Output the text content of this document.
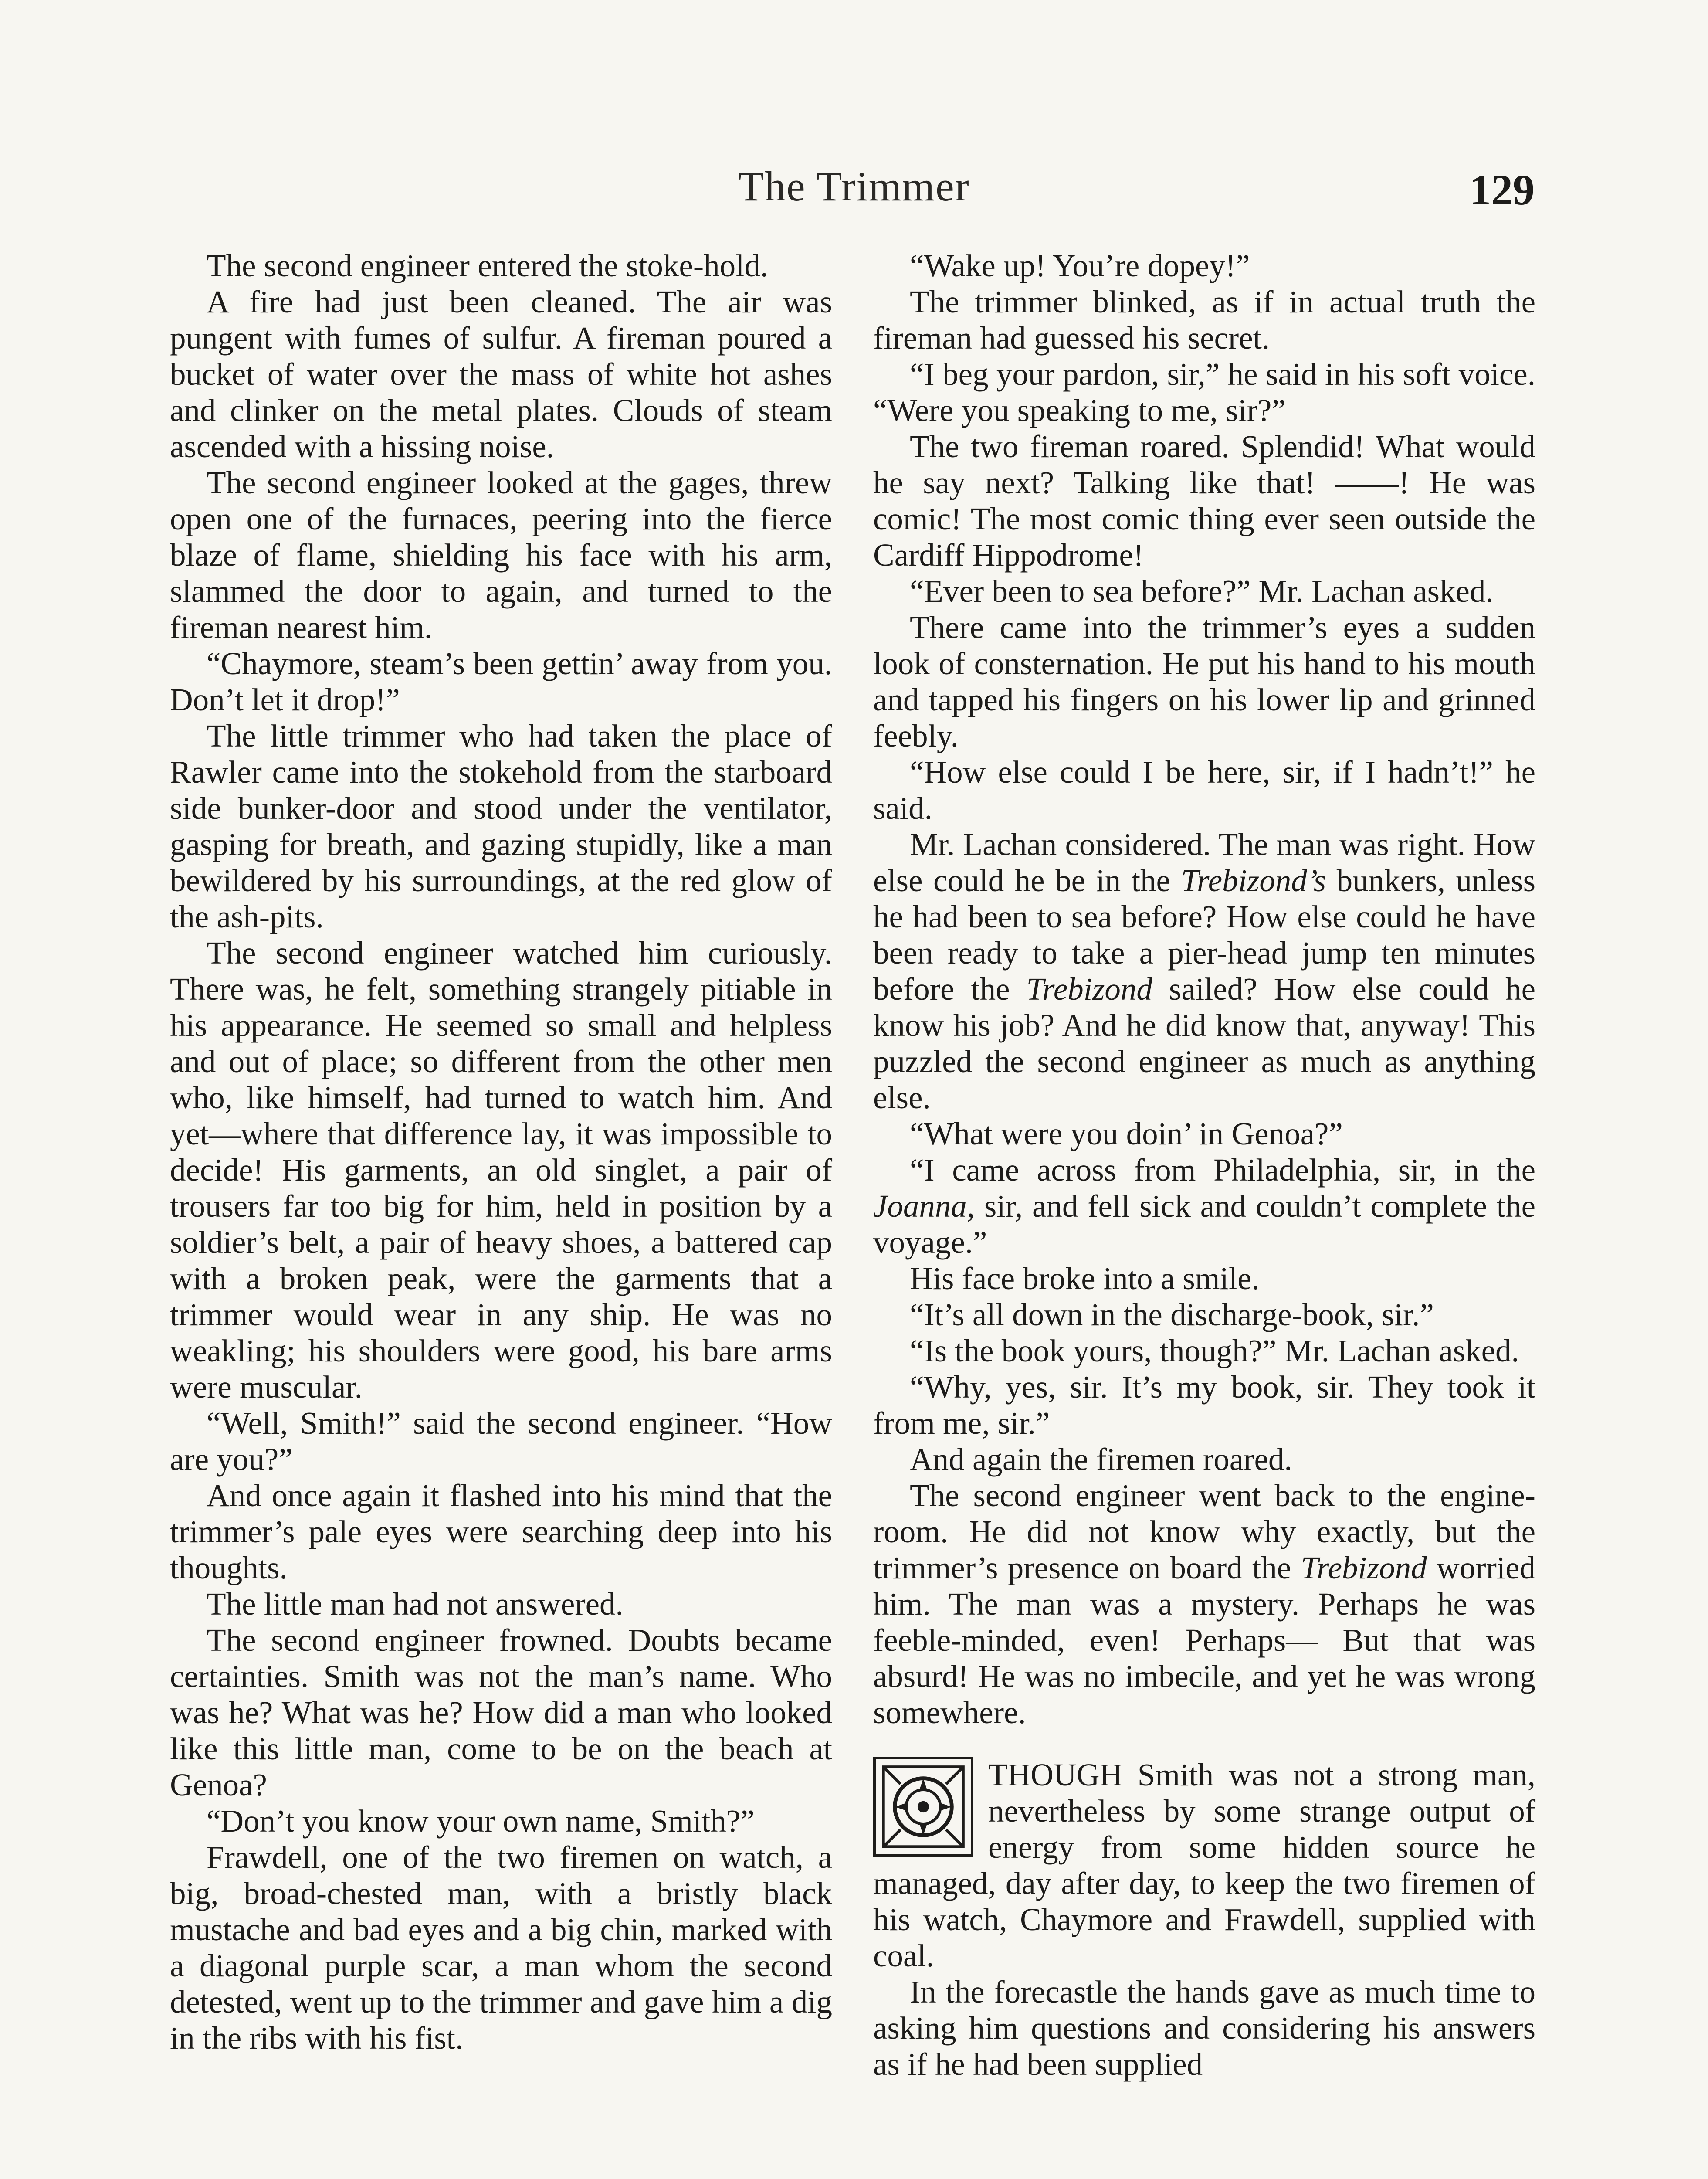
The Trimmer	129

The second engineer entered the stoke-hold.

A fire had just been cleaned. The air was pungent with fumes of sulfur. A fireman poured a bucket of water over the mass of white hot ashes and clinker on the metal plates. Clouds of steam ascended with a hissing noise.

The second engineer looked at the gages, threw open one of the furnaces, peering into the fierce blaze of flame, shielding his face with his arm, slammed the door to again, and turned to the fireman nearest him.

“Chaymore, steam’s been gettin’ away from you. Don’t let it drop!”

The little trimmer who had taken the place of Rawler came into the stokehold from the starboard side bunker-door and stood under the ventilator, gasping for breath, and gazing stupidly, like a man bewildered by his surroundings, at the red glow of the ash-pits.

The second engineer watched him curiously. There was, he felt, something strangely pitiable in his appearance. He seemed so small and helpless and out of place; so different from the other men who, like himself, had turned to watch him. And yet—where that difference lay, it was impossible to decide! His garments, an old singlet, a pair of trousers far too big for him, held in position by a soldier’s belt, a pair of heavy shoes, a battered cap with a broken peak, were the garments that a trimmer would wear in any ship. He was no weakling; his shoulders were good, his bare arms were muscular.

“Well, Smith!” said the second engineer. “How are you?”

And once again it flashed into his mind that the trimmer’s pale eyes were searching deep into his thoughts.

The little man had not answered.

The second engineer frowned. Doubts became certainties. Smith was not the man’s name. Who was he? What was he? How did a man who looked like this little man, come to be on the beach at Genoa?

“Don’t you know your own name, Smith?”

Frawdell, one of the two firemen on watch, a big, broad-chested man, with a bristly black mustache and bad eyes and a big chin, marked with a diagonal purple scar, a man whom the second detested, went up to the trimmer and gave him a dig in the ribs with his fist.

“Wake up! You’re dopey!”

The trimmer blinked, as if in actual truth the fireman had guessed his secret.

“I beg your pardon, sir,” he said in his soft voice. “Were you speaking to me, sir?”

The two fireman roared. Splendid! What would he say next? Talking like that! ——! He was comic! The most comic thing ever seen outside the Cardiff Hippodrome!

“Ever been to sea before?” Mr. Lachan asked.

There came into the trimmer’s eyes a sudden look of consternation. He put his hand to his mouth and tapped his fingers on his lower lip and grinned feebly.

“How else could I be here, sir, if I hadn’t!” he said.

Mr. Lachan considered. The man was right. How else could he be in the Trebizond’s bunkers, unless he had been to sea before? How else could he have been ready to take a pier-head jump ten minutes before the Trebizond sailed? How else could he know his job? And he did know that, anyway! This puzzled the second engineer as much as anything else.

“What were you doin’ in Genoa?”

“I came across from Philadelphia, sir, in the Joanna, sir, and fell sick and couldn’t complete the voyage.”

His face broke into a smile.

“It’s all down in the discharge-book, sir.”

“Is the book yours, though?” Mr. Lachan asked.

“Why, yes, sir. It’s my book, sir. They took it from me, sir.”

And again the firemen roared.

The second engineer went back to the engine-room. He did not know why exactly, but the trimmer’s presence on board the Trebizond worried him. The man was a mystery. Perhaps he was feeble-minded, even! Perhaps— But that was absurd! He was no imbecile, and yet he was wrong somewhere.

THOUGH Smith was not a strong man, nevertheless by some strange output of energy from some hidden source he managed, day after day, to keep the two firemen of his watch, Chaymore and Frawdell, supplied with coal.

In the forecastle the hands gave as much time to asking him questions and considering his answers as if he had been supplied
